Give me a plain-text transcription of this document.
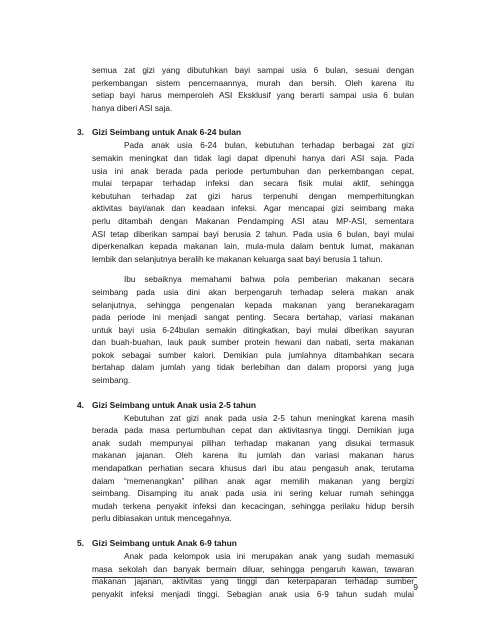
semua zat gizi yang dibutuhkan bayi sampai usia 6 bulan, sesuai dengan

perkembangan sistem pencernaannya, murah dan bersih. Oleh karena itu

setiap bayi harus memperoleh ASI Eksklusif yang berarti sampai usia 6 bulan

hanya diberi ASI saja.

3. Gizi Seimbang untuk Anak 6-24 bulan

Pada anak usia 6-24 bulan, kebutuhan terhadap berbagai zat gizi

semakin meningkat dan tidak lagi dapat dipenuhi hanya dari ASI saja. Pada

usia ini anak berada pada periode pertumbuhan dan perkembangan cepat,

mulai terpapar terhadap infeksi dan secara fisik mulai aktif, sehingga

kebutuhan terhadap zat gizi harus terpenuhi dengan memperhitungkan

aktivitas bayi/anak dan keadaan infeksi. Agar mencapai gizi seimbang maka

perlu ditambah dengan Makanan Pendamping ASI atau MP-ASI, sementara

ASI tetap diberikan sampai bayi berusia 2 tahun. Pada usia 6 bulan, bayi mulai

diperkenalkan kepada makanan lain, mula-mula dalam bentuk lumat, makanan

lembik dan selanjutnya beralih ke makanan keluarga saat bayi berusia 1 tahun.

Ibu sebaiknya memahami bahwa pola pemberian makanan secara

seimbang pada usia dini akan berpengaruh terhadap selera makan anak

selanjutnya, sehingga pengenalan kepada makanan yang beranekaragam

pada periode ini menjadi sangat penting. Secara bertahap, variasi makanan

untuk bayi usia 6-24bulan semakin ditingkatkan, bayi mulai diberikan sayuran

dan buah-buahan, lauk pauk sumber protein hewani dan nabati, serta makanan

pokok sebagai sumber kalori. Demikian pula jumlahnya ditambahkan secara

bertahap dalam jumlah yang tidak berlebihan dan dalam proporsi yang juga

seimbang.

4. Gizi Seimbang untuk Anak usia 2-5 tahun

Kebutuhan zat gizi anak pada usia 2-5 tahun meningkat karena masih

berada pada masa pertumbuhan cepat dan aktivitasnya tinggi. Demikian juga

anak sudah mempunyai pilihan terhadap makanan yang disukai termasuk

makanan jajanan. Oleh karena itu jumlah dan variasi makanan harus

mendapatkan perhatian secara khusus dari ibu atau pengasuh anak, terutama

dalam “memenangkan” pilihan anak agar memilih makanan yang bergizi

seimbang. Disamping itu anak pada usia ini sering keluar rumah sehingga

mudah terkena penyakit infeksi dan kecacingan, sehingga perilaku hidup bersih

perlu dibiasakan untuk mencegahnya.

5. Gizi Seimbang untuk Anak 6-9 tahun

Anak pada kelompok usia ini merupakan anak yang sudah memasuki

masa sekolah dan banyak bermain diluar, sehingga pengaruh kawan, tawaran

makanan jajanan, aktivitas yang tinggi dan keterpaparan terhadap sumber

penyakit infeksi menjadi tinggi. Sebagian anak usia 6-9 tahun sudah mulai

9
